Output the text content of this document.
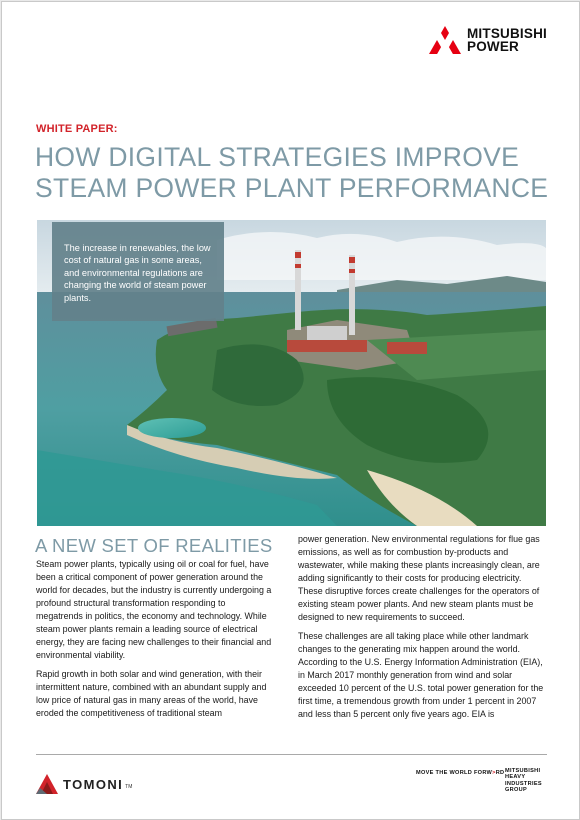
MITSUBISHI
POWER
WHITE PAPER:
HOW DIGITAL STRATEGIES IMPROVE STEAM POWER PLANT PERFORMANCE
The increase in renewables, the low cost of natural gas in some areas, and environmental regulations are changing the world of steam power plants.
A NEW SET OF REALITIES

Steam power plants, typically using oil or coal for fuel, have been a critical component of power generation around the world for decades, but the industry is currently undergoing a profound structural transformation responding to megatrends in politics, the economy and technology. While steam power plants remain a leading source of electrical energy, they are facing new challenges to their financial and environmental viability.

Rapid growth in both solar and wind generation, with their intermittent nature, combined with an abundant supply and low price of natural gas in many areas of the world, have eroded the competitiveness of traditional steam

power generation. New environmental regulations for flue gas emissions, as well as for combustion by-products and wastewater, while making these plants increasingly clean, are adding significantly to their costs for producing electricity. These disruptive forces create challenges for the operators of existing steam power plants. And new steam plants must be designed to new requirements to succeed.

These challenges are all taking place while other landmark changes to the generating mix happen around the world. According to the U.S. Energy Information Administration (EIA), in March 2017 monthly generation from wind and solar exceeded 10 percent of the U.S. total power generation for the first time, a tremendous growth from under 1 percent in 2007 and less than 5 percent only five years ago. EIA is

TOMONI TM
MOVE THE WORLD FORW>RD MITSUBISHI HEAVY INDUSTRIES GROUP
